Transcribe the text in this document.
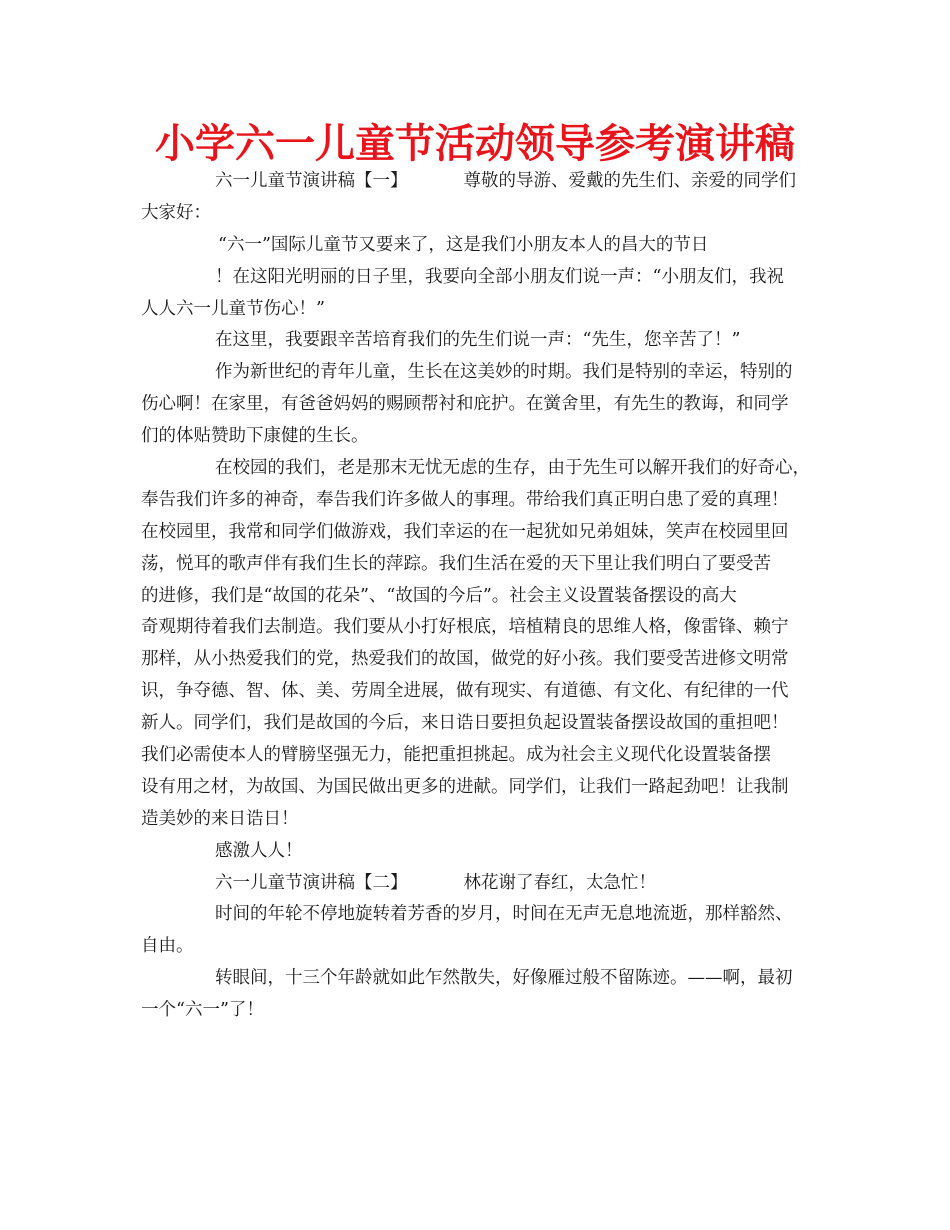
小学六一儿童节活动领导参考演讲稿
六一儿童节演讲稿【一】	尊敬的导游、爱戴的先生们、亲爱的同学们
大家好：
“六一”国际儿童节又要来了，这是我们小朋友本人的昌大的节日
！在这阳光明丽的日子里，我要向全部小朋友们说一声：“小朋友们，我祝
人人六一儿童节伤心！”
在这里，我要跟辛苦培育我们的先生们说一声：“先生，您辛苦了！”
作为新世纪的青年儿童，生长在这美妙的时期。我们是特别的幸运，特别的
伤心啊！在家里，有爸爸妈妈的赐顾帮衬和庇护。在黉舍里，有先生的教诲，和同学
们的体贴赞助下康健的生长。
在校园的我们，老是那末无忧无虑的生存，由于先生可以解开我们的好奇心，
奉告我们许多的神奇，奉告我们许多做人的事理。带给我们真正明白患了爱的真理！
在校园里，我常和同学们做游戏，我们幸运的在一起犹如兄弟姐妹，笑声在校园里回
荡，悦耳的歌声伴有我们生长的萍踪。我们生活在爱的天下里让我们明白了要受苦
的进修，我们是“故国的花朵”、“故国的今后”。社会主义设置装备摆设的高大
奇观期待着我们去制造。我们要从小打好根底，培植精良的思维人格，像雷锋、赖宁
那样，从小热爱我们的党，热爱我们的故国，做党的好小孩。我们要受苦进修文明常
识，争夺德、智、体、美、劳周全进展，做有现实、有道德、有文化、有纪律的一代
新人。同学们，我们是故国的今后，来日诰日要担负起设置装备摆设故国的重担吧！
我们必需使本人的臂膀坚强无力，能把重担挑起。成为社会主义现代化设置装备摆
设有用之材，为故国、为国民做出更多的进献。同学们，让我们一路起劲吧！让我制
造美妙的来日诰日！
感激人人！
六一儿童节演讲稿【二】	林花谢了春红，太急忙！
时间的年轮不停地旋转着芳香的岁月，时间在无声无息地流逝，那样豁然、
自由。
转眼间，十三个年龄就如此乍然散失，好像雁过般不留陈迹。——啊，最初
一个“六一”了！
